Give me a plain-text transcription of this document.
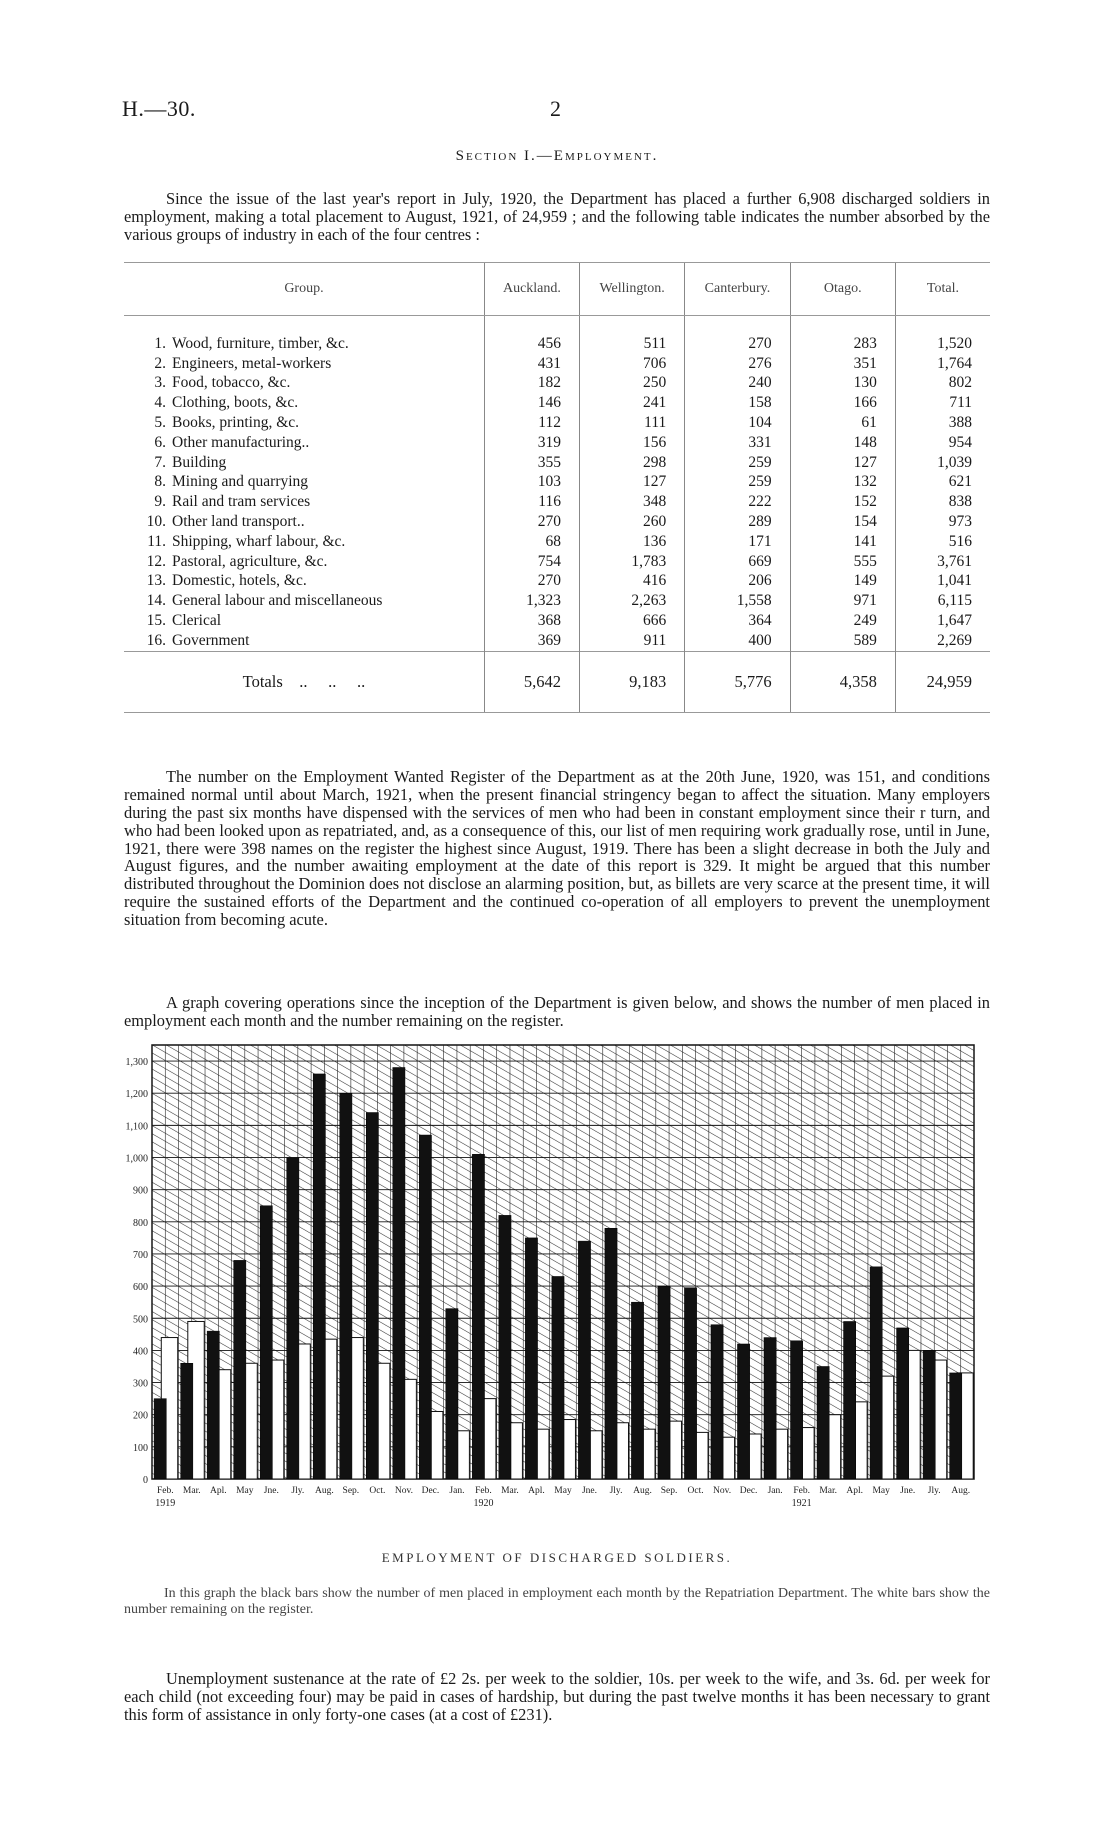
H.—30.	2
Section I.—Employment.

Since the issue of the last year's report in July, 1920, the Department has placed a further 6,908 discharged soldiers in employment, making a total placement to August, 1921, of 24,959 ; and the following table indicates the number absorbed by the various groups of industry in each of the four centres :

Group.	Auckland.	Wellington.	Canterbury.	Otago.	Total.
1. Wood, furniture, timber, &c.	456	511	270	283	1,520
2. Engineers, metal-workers	431	706	276	351	1,764
3. Food, tobacco, &c.	182	250	240	130	802
4. Clothing, boots, &c.	146	241	158	166	711
5. Books, printing, &c.	112	111	104	61	388
6. Other manufacturing..	319	156	331	148	954
7. Building	355	298	259	127	1,039
8. Mining and quarrying	103	127	259	132	621
9. Rail and tram services	116	348	222	152	838
10. Other land transport..	270	260	289	154	973
11. Shipping, wharf labour, &c.	68	136	171	141	516
12. Pastoral, agriculture, &c.	754	1,783	669	555	3,761
13. Domestic, hotels, &c.	270	416	206	149	1,041
14. General labour and miscellaneous	1,323	2,263	1,558	971	6,115
15. Clerical	368	666	364	249	1,647
16. Government	369	911	400	589	2,269
Totals    ..     ..     ..	5,642	9,183	5,776	4,358	24,959

The number on the Employment Wanted Register of the Department as at the 20th June, 1920, was 151, and conditions remained normal until about March, 1921, when the present financial stringency began to affect the situation. Many employers during the past six months have dispensed with the services of men who had been in constant employment since their r turn, and who had been looked upon as repatriated, and, as a consequence of this, our list of men requiring work gradually rose, until in June, 1921, there were 398 names on the register the highest since August, 1919. There has been a slight decrease in both the July and August figures, and the number awaiting employment at the date of this report is 329. It might be argued that this number distributed throughout the Dominion does not disclose an alarming position, but, as billets are very scarce at the present time, it will require the sustained efforts of the Department and the continued co-operation of all employers to prevent the unemployment situation from becoming acute.

A graph covering operations since the inception of the Department is given below, and shows the number of men placed in employment each month and the number remaining on the register.

0
100
200
300
400
500
600
700
800
900
1,000
1,100
1,200
1,300
Feb. Mar. Apl. May Jne. Jly. Aug. Sep. Oct. Nov. Dec. Jan. Feb. Mar. Apl. May Jne. Jly. Aug. Sep. Oct. Nov. Dec. Jan. Feb. Mar. Apl. May Jne. Jly. Aug.
1919	1920	1921
EMPLOYMENT OF DISCHARGED SOLDIERS.

In this graph the black bars show the number of men placed in employment each month by the Repatriation Department. The white bars show the number remaining on the register.

Unemployment sustenance at the rate of £2 2s. per week to the soldier, 10s. per week to the wife, and 3s. 6d. per week for each child (not exceeding four) may be paid in cases of hardship, but during the past twelve months it has been necessary to grant this form of assistance in only forty-one cases (at a cost of £231).
